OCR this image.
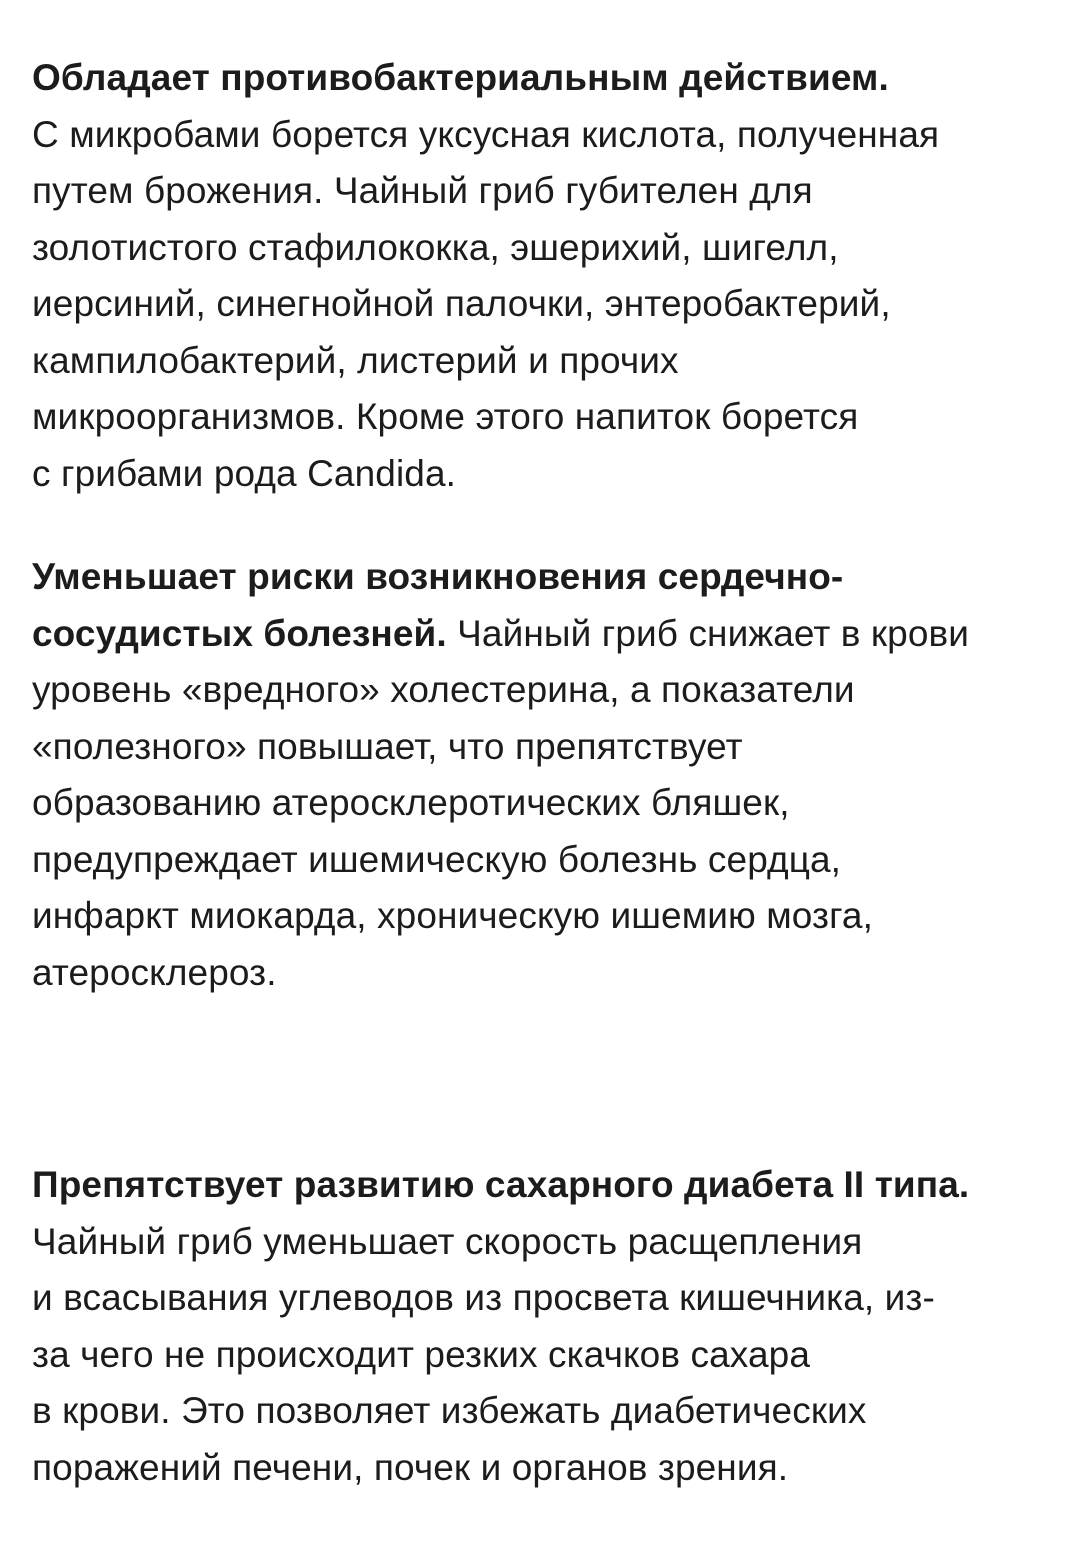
Обладает противобактериальным действием.
С микробами борется уксусная кислота, полученная
путем брожения. Чайный гриб губителен для
золотистого стафилококка, эшерихий, шигелл,
иерсиний, синегнойной палочки, энтеробактерий,
кампилобактерий, листерий и прочих
микроорганизмов. Кроме этого напиток борется
с грибами рода Candida.

Уменьшает риски возникновения сердечно-
сосудистых болезней. Чайный гриб снижает в крови
уровень «вредного» холестерина, а показатели
«полезного» повышает, что препятствует
образованию атеросклеротических бляшек,
предупреждает ишемическую болезнь сердца,
инфаркт миокарда, хроническую ишемию мозга,
атеросклероз.

Препятствует развитию сахарного диабета II типа.
Чайный гриб уменьшает скорость расщепления
и всасывания углеводов из просвета кишечника, из-
за чего не происходит резких скачков сахара
в крови. Это позволяет избежать диабетических
поражений печени, почек и органов зрения.
